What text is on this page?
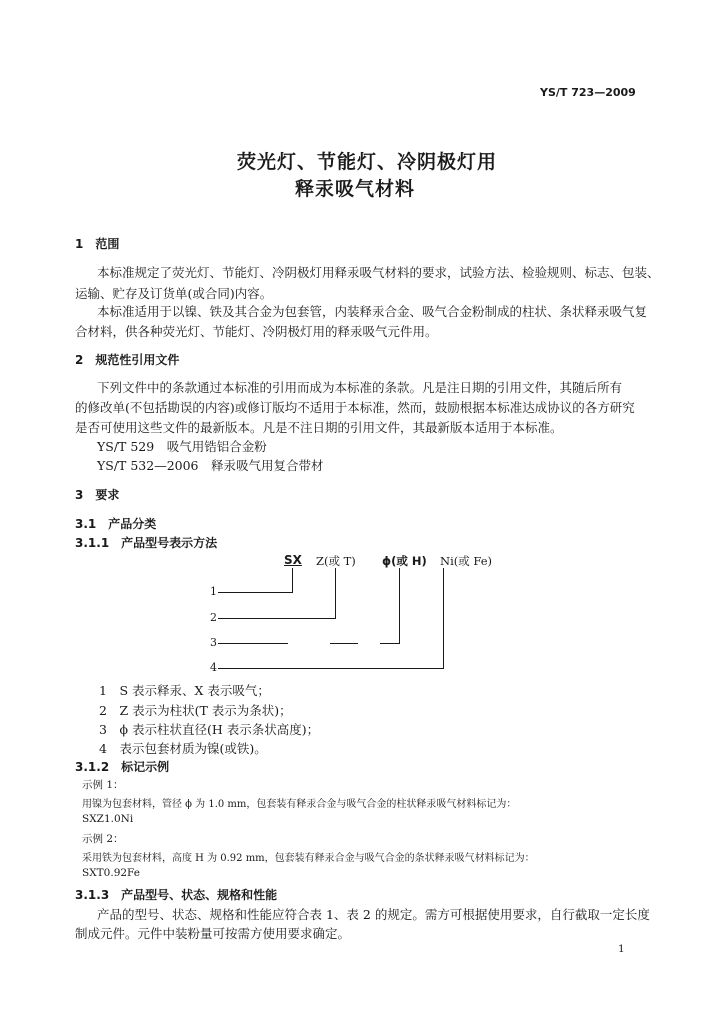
YS/T 723—2009
荧光灯、节能灯、冷阴极灯用
释汞吸气材料
1　范围
本标准规定了荧光灯、节能灯、冷阴极灯用释汞吸气材料的要求，试验方法、检验规则、标志、包装、
运输、贮存及订货单(或合同)内容。
本标准适用于以镍、铁及其合金为包套管，内装释汞合金、吸气合金粉制成的柱状、条状释汞吸气复
合材料，供各种荧光灯、节能灯、冷阴极灯用的释汞吸气元件用。
2　规范性引用文件
下列文件中的条款通过本标准的引用而成为本标准的条款。凡是注日期的引用文件，其随后所有
的修改单(不包括勘误的内容)或修订版均不适用于本标准，然而，鼓励根据本标准达成协议的各方研究
是否可使用这些文件的最新版本。凡是不注日期的引用文件，其最新版本适用于本标准。
YS/T 529　吸气用锆铝合金粉
YS/T 532—2006　释汞吸气用复合带材
3　要求
3.1　产品分类
3.1.1　产品型号表示方法
SX Z(或 T) ϕ(或 H) Ni(或 Fe)
1
2
3
4
1　S 表示释汞、X 表示吸气；
2　Z 表示为柱状(T 表示为条状)；
3　ϕ 表示柱状直径(H 表示条状高度)；
4　表示包套材质为镍(或铁)。
3.1.2　标记示例
示例 1：
用镍为包套材料，管径 ϕ 为 1.0 mm，包套装有释汞合金与吸气合金的柱状释汞吸气材料标记为：
SXZ1.0Ni
示例 2：
采用铁为包套材料，高度 H 为 0.92 mm，包套装有释汞合金与吸气合金的条状释汞吸气材料标记为：
SXT0.92Fe
3.1.3　产品型号、状态、规格和性能
产品的型号、状态、规格和性能应符合表 1、表 2 的规定。需方可根据使用要求，自行截取一定长度
制成元件。元件中装粉量可按需方使用要求确定。
1
